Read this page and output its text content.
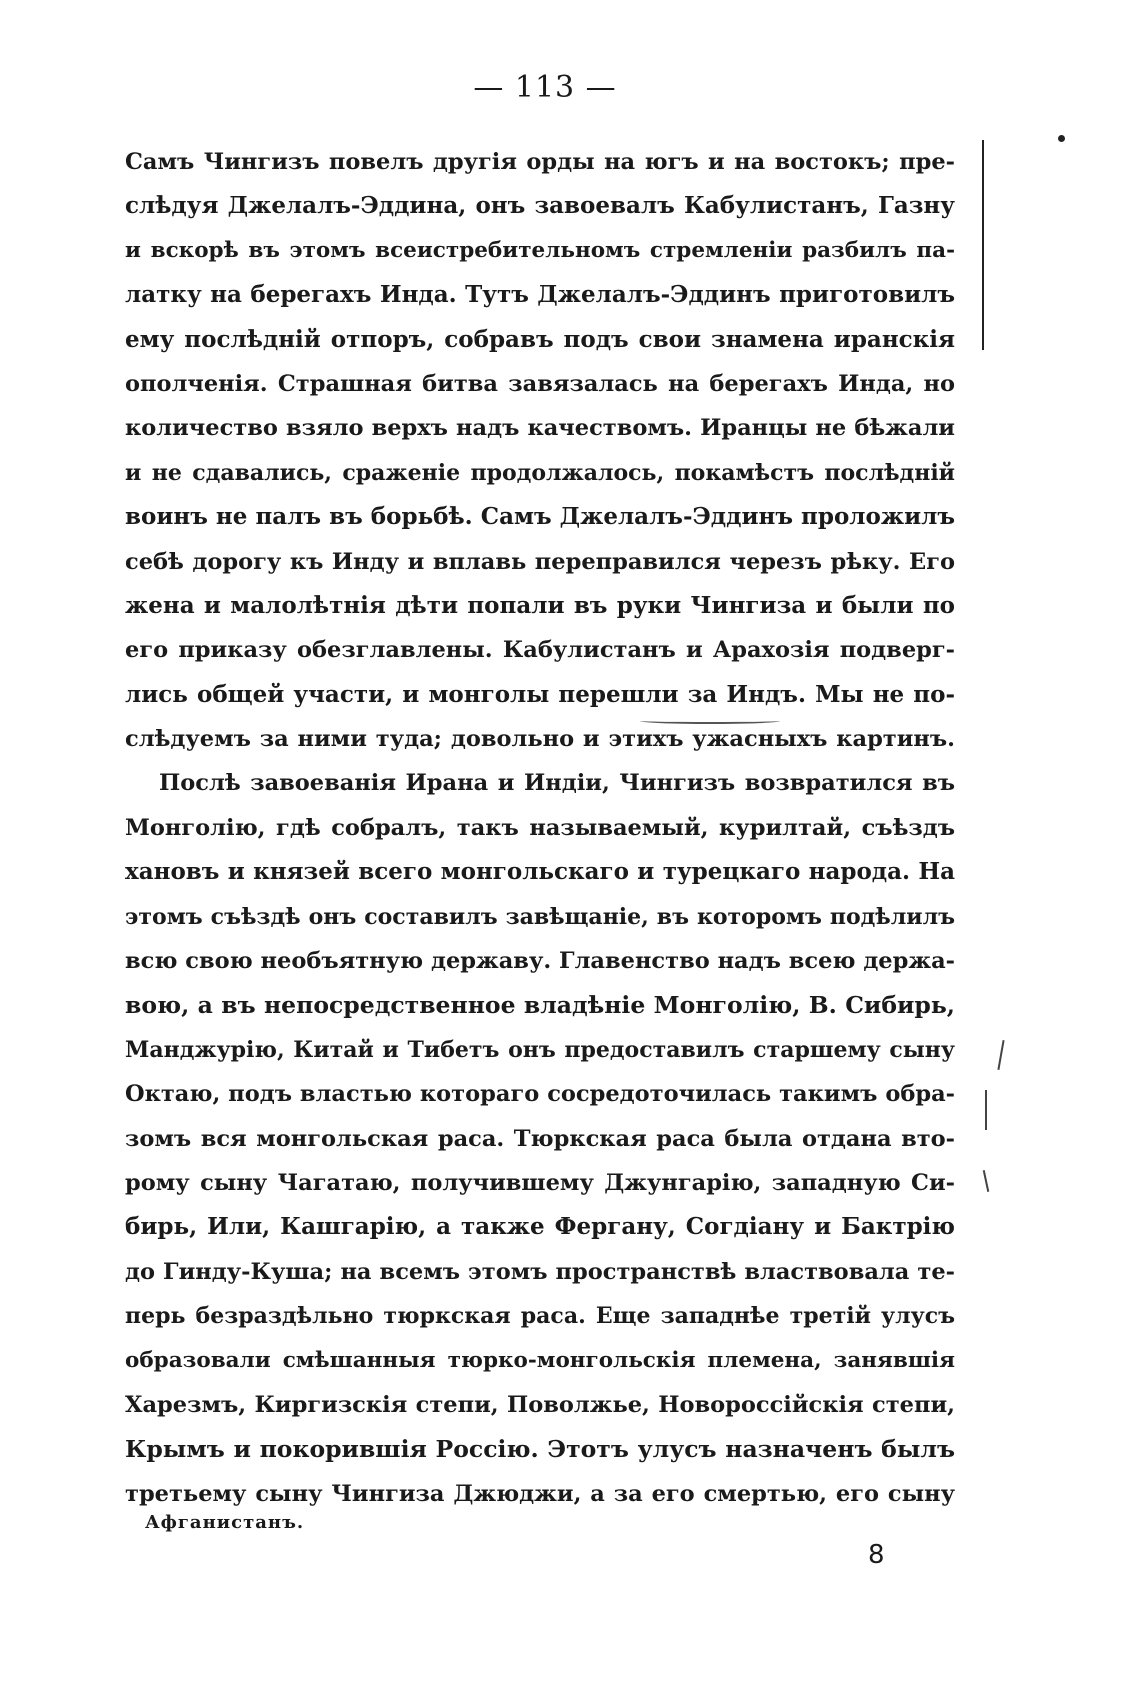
— 113 —
Самъ Чингизъ повелъ другія орды на югъ и на востокъ; пре-
слѣдуя Джелалъ-Эддина, онъ завоевалъ Кабулистанъ, Газну
и вскорѣ въ этомъ всеистребительномъ стремленіи разбилъ па-
латку на берегахъ Инда. Тутъ Джелалъ-Эддинъ приготовилъ
ему послѣдній отпоръ, собравъ подъ свои знамена иранскія
ополченія. Страшная битва завязалась на берегахъ Инда, но
количество взяло верхъ надъ качествомъ. Иранцы не бѣжали
и не сдавались, сраженіе продолжалось, покамѣстъ послѣдній
воинъ не палъ въ борьбѣ. Самъ Джелалъ-Эддинъ проложилъ
себѣ дорогу къ Инду и вплавь переправился черезъ рѣку. Его
жена и малолѣтнія дѣти попали въ руки Чингиза и были по
его приказу обезглавлены. Кабулистанъ и Арахозія подверг-
лись общей участи, и монголы перешли за Индъ. Мы не по-
слѣдуемъ за ними туда; довольно и этихъ ужасныхъ картинъ.
Послѣ завоеванія Ирана и Индіи, Чингизъ возвратился въ
Монголію, гдѣ собралъ, такъ называемый, курилтай, съѣздъ
хановъ и князей всего монгольскаго и турецкаго народа. На
этомъ съѣздѣ онъ составилъ завѣщаніе, въ которомъ подѣлилъ
всю свою необъятную державу. Главенство надъ всею держа-
вою, а въ непосредственное владѣніе Монголію, В. Сибирь,
Манджурію, Китай и Тибетъ онъ предоставилъ старшему сыну
Октаю, подъ властью котораго сосредоточилась такимъ обра-
зомъ вся монгольская раса. Тюркская раса была отдана вто-
рому сыну Чагатаю, получившему Джунгарію, западную Си-
бирь, Или, Кашгарію, а также Фергану, Согдіану и Бактрію
до Гинду-Куша; на всемъ этомъ пространствѣ властвовала те-
перь безраздѣльно тюркская раса. Еще западнѣе третій улусъ
образовали смѣшанныя тюрко-монгольскія племена, занявшія
Харезмъ, Киргизскія степи, Поволжье, Новороссійскія степи,
Крымъ и покорившія Россію. Этотъ улусъ назначенъ былъ
третьему сыну Чингиза Джюджи, а за его смертью, его сыну
Афганистанъ.
8
